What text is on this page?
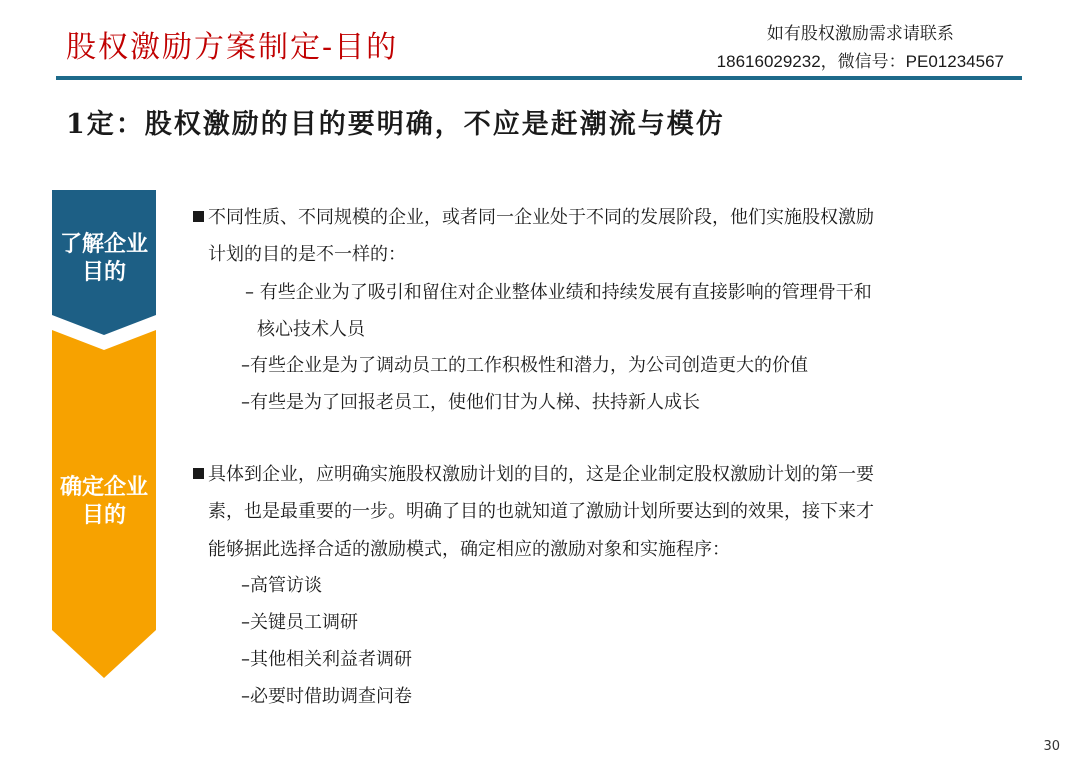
股权激励方案制定-目的	如有股权激励需求请联系
18616029232，微信号：PE01234567
1定：股权激励的目的要明确，不应是赶潮流与模仿
了解企业
目的
确定企业
目的
不同性质、不同规模的企业，或者同一企业处于不同的发展阶段，他们实施股权激励
计划的目的是不一样的：
– 有些企业为了吸引和留住对企业整体业绩和持续发展有直接影响的管理骨干和
核心技术人员
–有些企业是为了调动员工的工作积极性和潜力，为公司创造更大的价值
–有些是为了回报老员工，使他们甘为人梯、扶持新人成长
具体到企业，应明确实施股权激励计划的目的，这是企业制定股权激励计划的第一要
素，也是最重要的一步。明确了目的也就知道了激励计划所要达到的效果，接下来才
能够据此选择合适的激励模式，确定相应的激励对象和实施程序：
–高管访谈
–关键员工调研
–其他相关利益者调研
–必要时借助调查问卷
30
